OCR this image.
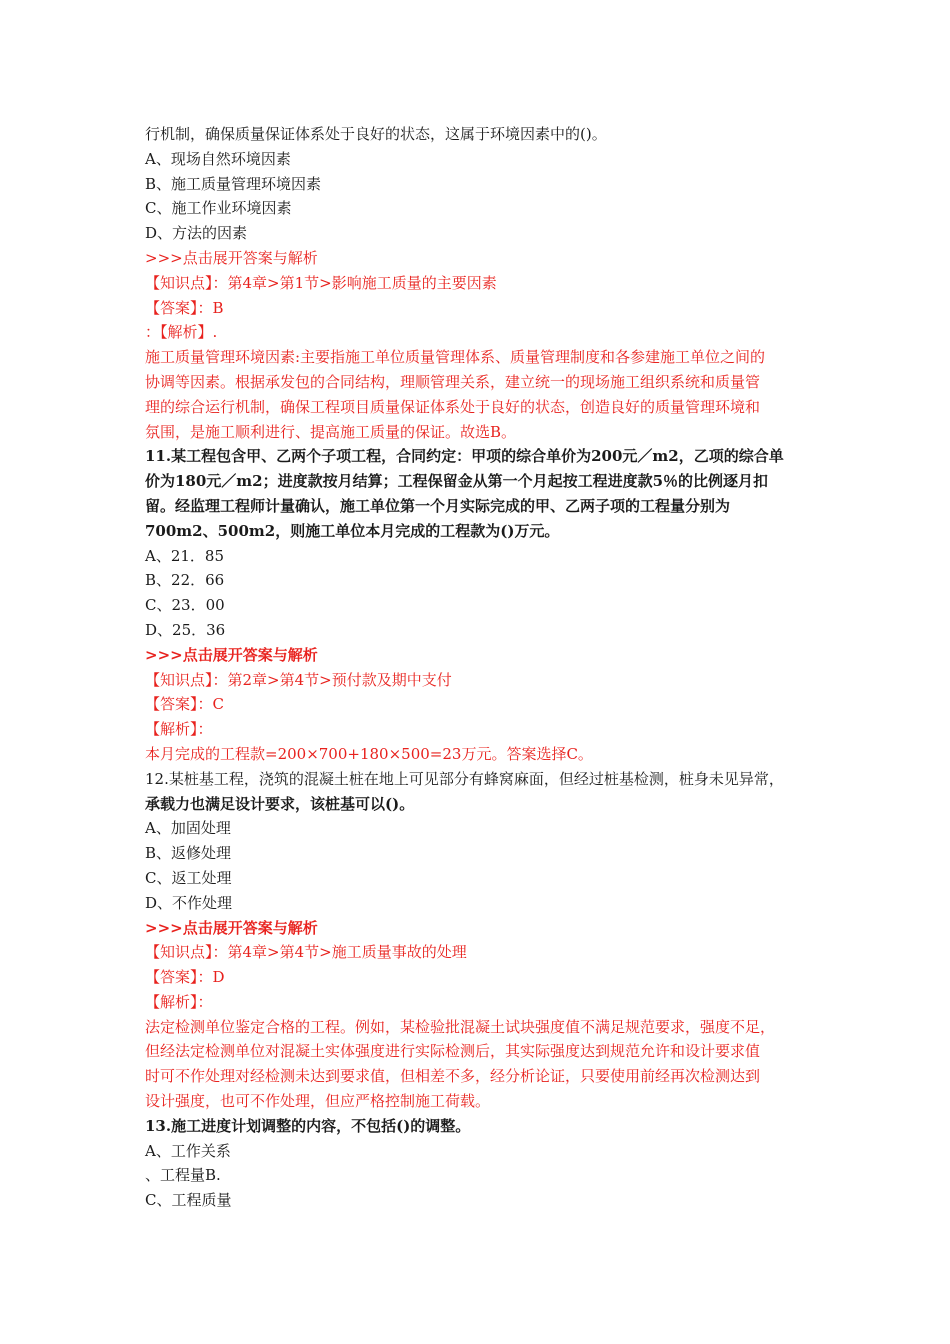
行机制，确保质量保证体系处于良好的状态，这属于环境因素中的()。
A、现场自然环境因素
B、施工质量管理环境因素
C、施工作业环境因素
D、方法的因素
>>>点击展开答案与解析
【知识点】：第4章>第1节>影响施工质量的主要因素
【答案】：B
：【解析】.
施工质量管理环境因素:主要指施工单位质量管理体系、质量管理制度和各参建施工单位之间的
协调等因素。根据承发包的合同结构，理顺管理关系，建立统一的现场施工组织系统和质量管
理的综合运行机制，确保工程项目质量保证体系处于良好的状态，创造良好的质量管理环境和
氛围，是施工顺利进行、提高施工质量的保证。故选B。
11.某工程包含甲、乙两个子项工程，合同约定：甲项的综合单价为200元／m2，乙项的综合单
价为180元／m2；进度款按月结算；工程保留金从第一个月起按工程进度款5％的比例逐月扣
留。经监理工程师计量确认，施工单位第一个月实际完成的甲、乙两子项的工程量分别为
700m2、500m2，则施工单位本月完成的工程款为()万元。
A、21．85
B、22．66
C、23．00
D、25．36
>>>点击展开答案与解析
【知识点】：第2章>第4节>预付款及期中支付
【答案】：C
【解析】：
本月完成的工程款=200×700+180×500=23万元。答案选择C。
12.某桩基工程，浇筑的混凝土桩在地上可见部分有蜂窝麻面，但经过桩基检测，桩身未见异常，
承载力也满足设计要求，该桩基可以()。
A、加固处理
B、返修处理
C、返工处理
D、不作处理
>>>点击展开答案与解析
【知识点】：第4章>第4节>施工质量事故的处理
【答案】：D
【解析】：
法定检测单位鉴定合格的工程。例如，某检验批混凝土试块强度值不满足规范要求，强度不足，
但经法定检测单位对混凝土实体强度进行实际检测后，其实际强度达到规范允许和设计要求值
时可不作处理对经检测未达到要求值，但相差不多，经分析论证，只要使用前经再次检测达到
设计强度，也可不作处理，但应严格控制施工荷载。
13.施工进度计划调整的内容，不包括()的调整。
A、工作关系
、工程量B.
C、工程质量
